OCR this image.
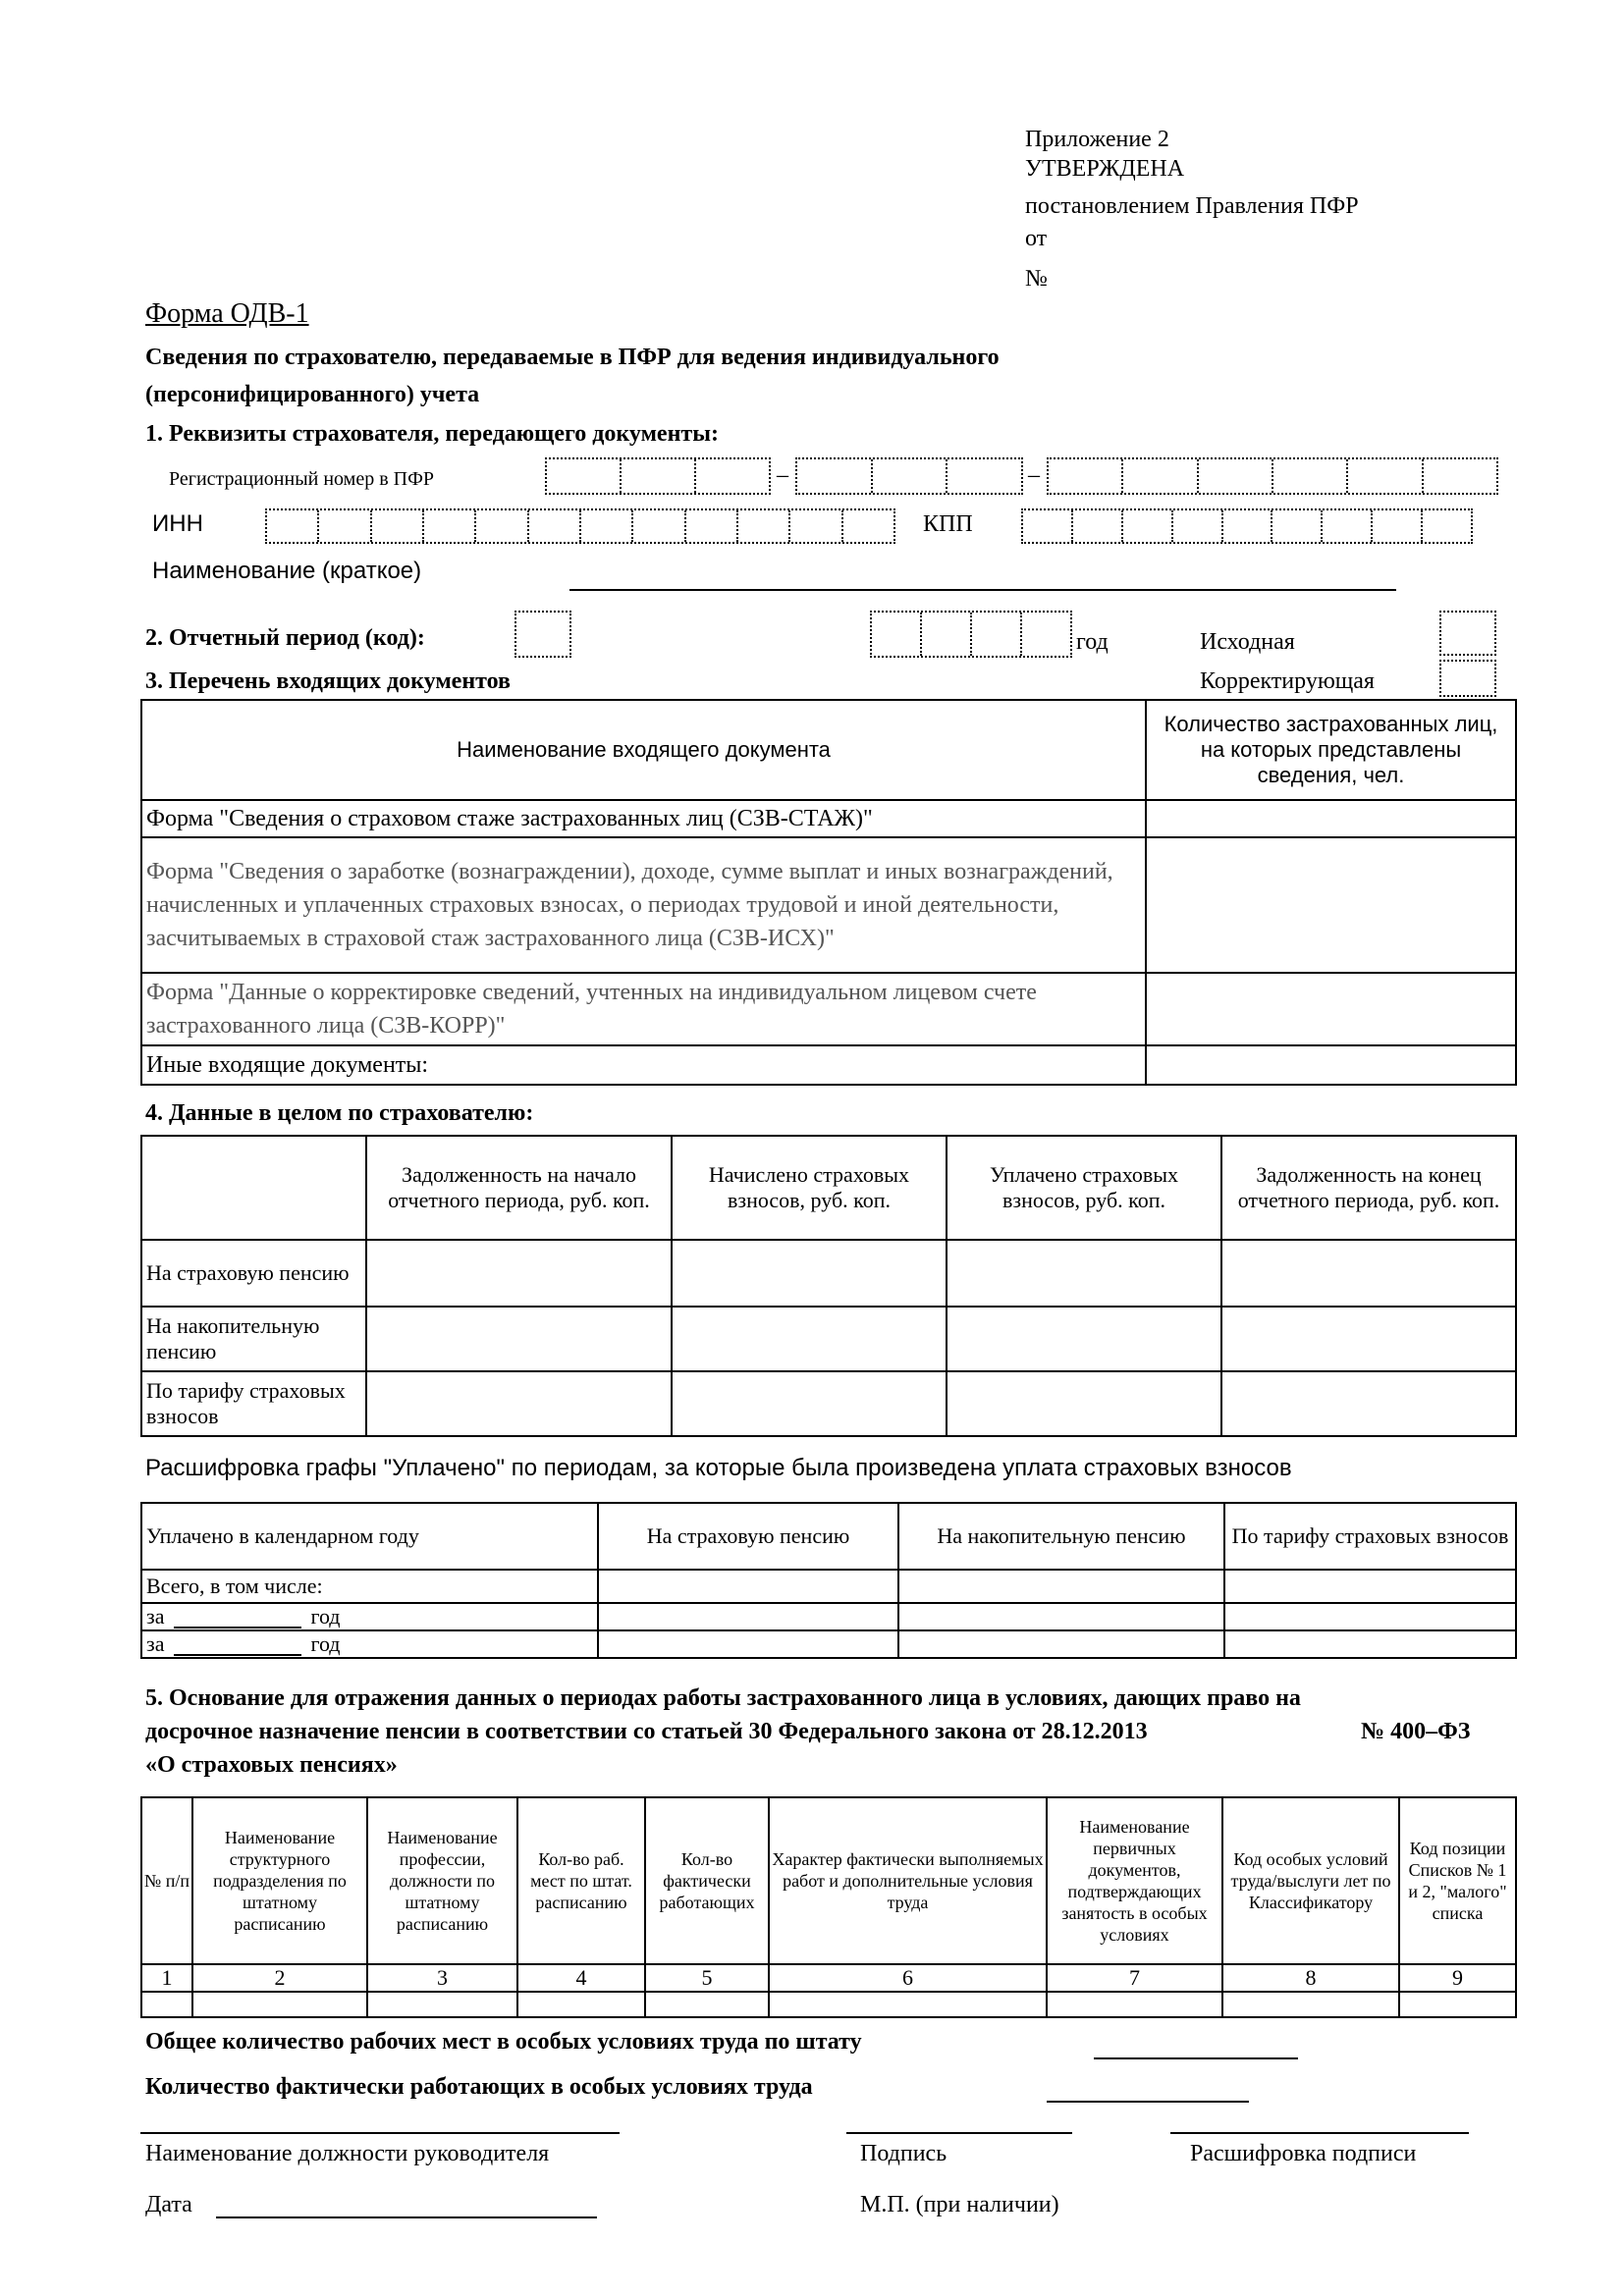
Приложение 2
УТВЕРЖДЕНА
постановлением Правления ПФР
от
№
Форма ОДВ-1
Сведения по страхователю, передаваемые в ПФР для ведения индивидуального
(персонифицированного) учета
1. Реквизиты страхователя, передающего документы:
Регистрационный номер в ПФР	–	–
ИНН	КПП
Наименование (краткое)
2. Отчетный период (код):	год	Исходная
Корректирующая
3. Перечень входящих документов
Наименование входящего документа	Количество застрахованных лиц, на которых представлены сведения, чел.
Форма "Сведения о страховом стаже застрахованных лиц (СЗВ-СТАЖ)"	
Форма "Сведения о заработке (вознаграждении), доходе, сумме выплат и иных вознаграждений, начисленных и уплаченных страховых взносах, о периодах трудовой и иной деятельности, засчитываемых в страховой стаж застрахованного лица (СЗВ-ИСХ)"	
Форма "Данные о корректировке сведений, учтенных на индивидуальном лицевом счете застрахованного лица (СЗВ-КОРР)"	
Иные входящие документы:	
4. Данные в целом по страхователю:
	Задолженность на начало отчетного периода, руб. коп.	Начислено страховых взносов, руб. коп.	Уплачено страховых взносов, руб. коп.	Задолженность на конец отчетного периода, руб. коп.
На страховую пенсию				
На накопительную пенсию				
По тарифу страховых взносов				
Расшифровка графы "Уплачено" по периодам, за которые была произведена уплата страховых взносов
Уплачено в календарном году	На страховую пенсию	На накопительную пенсию	По тарифу страховых взносов
Всего, в том числе:			
за год			
за год			
5. Основание для отражения данных о периодах работы застрахованного лица в условиях, дающих право на
досрочное назначение пенсии в соответствии со статьей 30 Федерального закона от 28.12.2013	№ 400–ФЗ
«О страховых пенсиях»
№ п/п	Наименование структурного подразделения по штатному расписанию	Наименование профессии, должности по штатному расписанию	Кол-во раб. мест по штат. расписанию	Кол-во фактически работающих	Характер фактически выполняемых работ и дополнительные условия труда	Наименование первичных документов, подтверждающих занятость в особых условиях	Код особых условий труда/выслуги лет по Классификатору	Код позиции Списков № 1 и 2, "малого" списка
1	2	3	4	5	6	7	8	9

Общее количество рабочих мест в особых условиях труда по штату
Количество фактически работающих в особых условиях труда
Наименование должности руководителя	Подпись	Расшифровка подписи
Дата	М.П. (при наличии)
